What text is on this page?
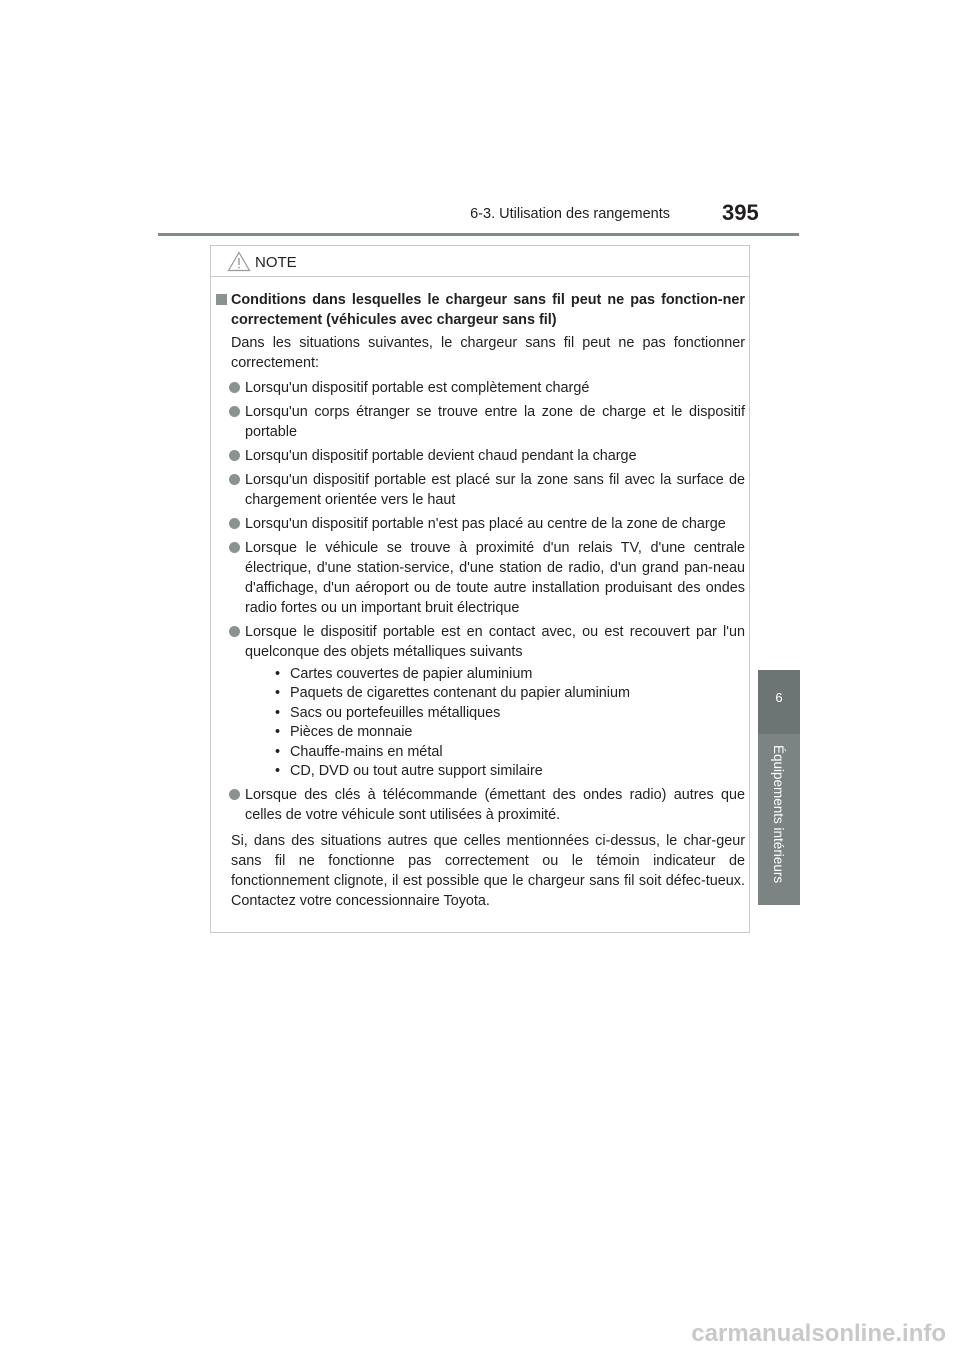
6-3. Utilisation des rangements 395
6
Équipements intérieurs
NOTE
Conditions dans lesquelles le chargeur sans fil peut ne pas fonction-ner correctement (véhicules avec chargeur sans fil)
Dans les situations suivantes, le chargeur sans fil peut ne pas fonctionner correctement:
Lorsqu'un dispositif portable est complètement chargé
Lorsqu'un corps étranger se trouve entre la zone de charge et le dispositif portable
Lorsqu'un dispositif portable devient chaud pendant la charge
Lorsqu'un dispositif portable est placé sur la zone sans fil avec la surface de chargement orientée vers le haut
Lorsqu'un dispositif portable n'est pas placé au centre de la zone de charge
Lorsque le véhicule se trouve à proximité d'un relais TV, d'une centrale électrique, d'une station-service, d'une station de radio, d'un grand pan-neau d'affichage, d'un aéroport ou de toute autre installation produisant des ondes radio fortes ou un important bruit électrique
Lorsque le dispositif portable est en contact avec, ou est recouvert par l'un quelconque des objets métalliques suivants
• Cartes couvertes de papier aluminium
• Paquets de cigarettes contenant du papier aluminium
• Sacs ou portefeuilles métalliques
• Pièces de monnaie
• Chauffe-mains en métal
• CD, DVD ou tout autre support similaire
Lorsque des clés à télécommande (émettant des ondes radio) autres que celles de votre véhicule sont utilisées à proximité.
Si, dans des situations autres que celles mentionnées ci-dessus, le char-geur sans fil ne fonctionne pas correctement ou le témoin indicateur de fonctionnement clignote, il est possible que le chargeur sans fil soit défec-tueux. Contactez votre concessionnaire Toyota.
carmanualsonline.info
